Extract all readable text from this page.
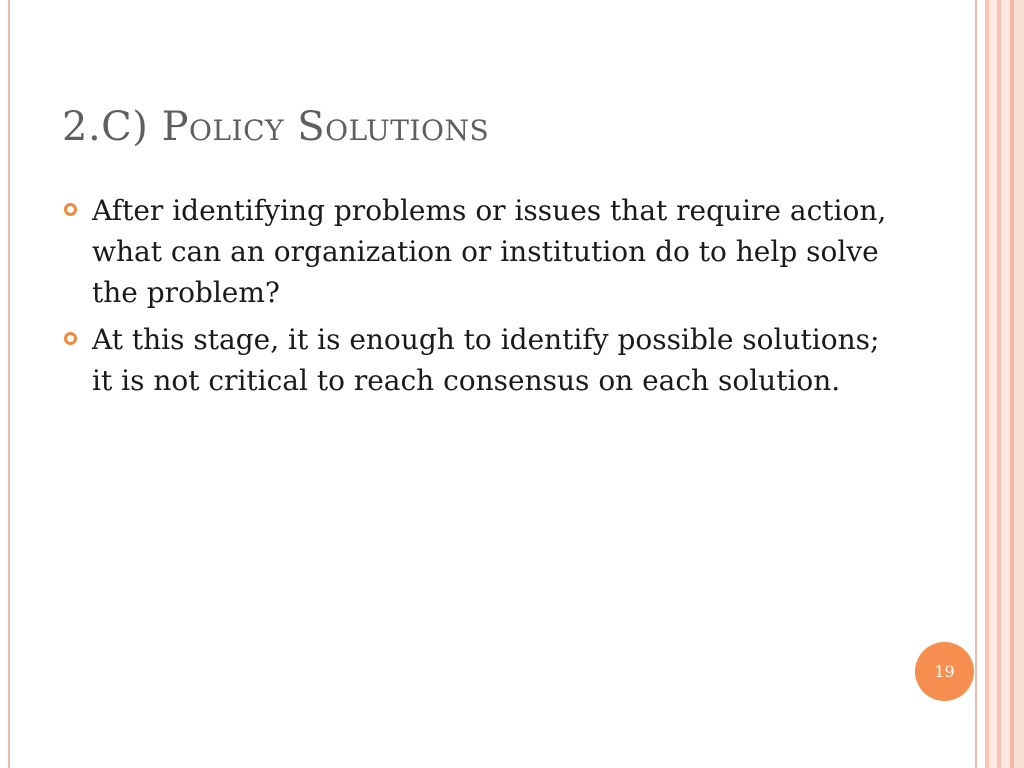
2.C) Policy Solutions
After identifying problems or issues that require action, what can an organization or institution do to help solve the problem?
At this stage, it is enough to identify possible solutions; it is not critical to reach consensus on each solution.
19
